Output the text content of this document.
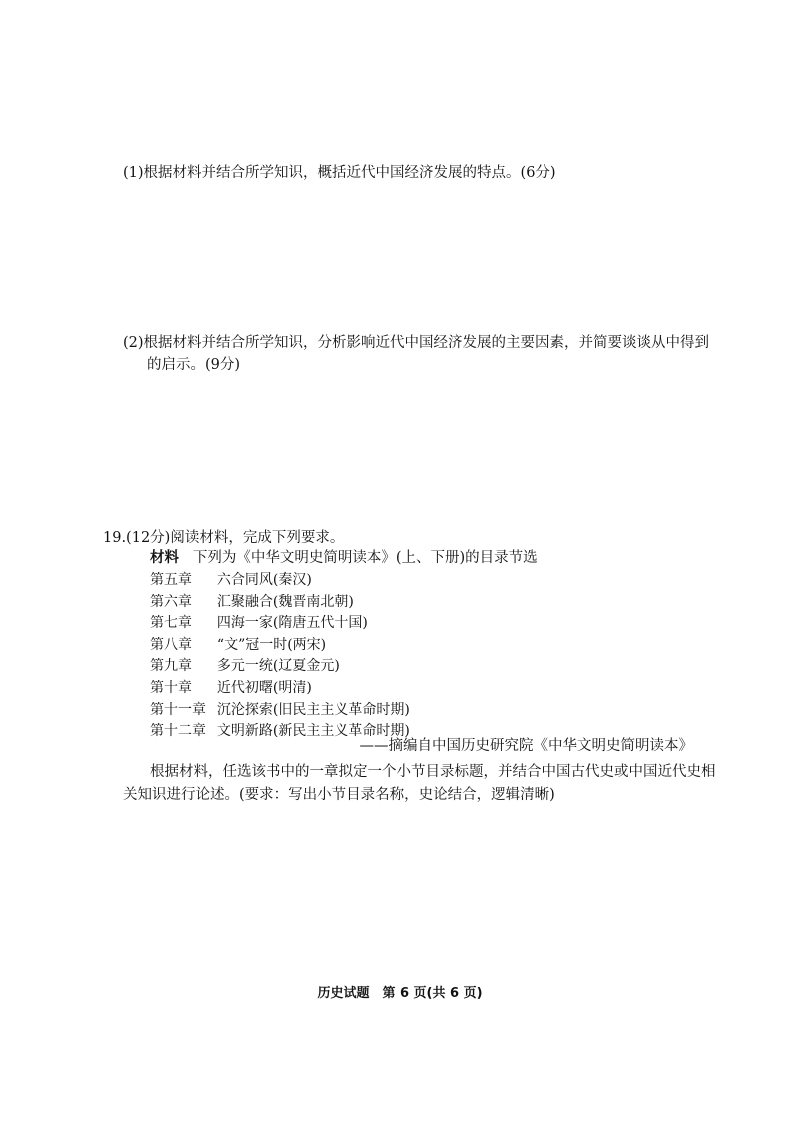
(1)根据材料并结合所学知识，概括近代中国经济发展的特点。(6分)
(2)根据材料并结合所学知识，分析影响近代中国经济发展的主要因素，并简要谈谈从中得到
的启示。(9分)
19.(12分)阅读材料，完成下列要求。
材料 下列为《中华文明史简明读本》(上、下册)的目录节选
第五章 六合同风(秦汉)
第六章 汇聚融合(魏晋南北朝)
第七章 四海一家(隋唐五代十国)
第八章 “文”冠一时(两宋)
第九章 多元一统(辽夏金元)
第十章 近代初曙(明清)
第十一章 沉沦探索(旧民主主义革命时期)
第十二章 文明新路(新民主主义革命时期)
——摘编自中国历史研究院《中华文明史简明读本》
根据材料，任选该书中的一章拟定一个小节目录标题，并结合中国古代史或中国近代史相
关知识进行论述。(要求：写出小节目录名称，史论结合，逻辑清晰)
历史试题　第 6 页(共 6 页)
